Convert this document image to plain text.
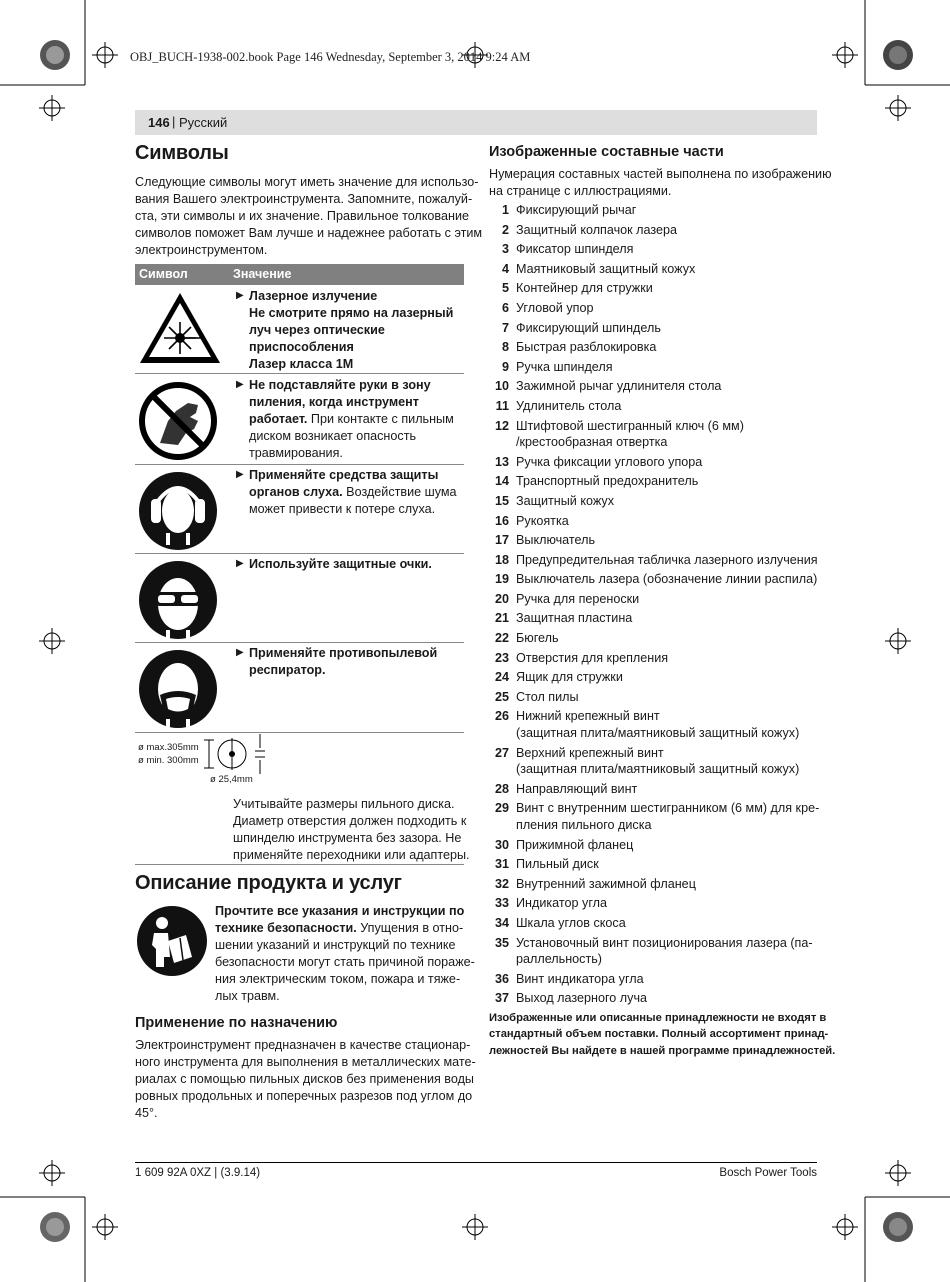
OBJ_BUCH-1938-002.book Page 146 Wednesday, September 3, 2014 9:24 AM
146 | Русский
Символы
Следующие символы могут иметь значение для использо-
вания Вашего электроинструмента. Запомните, пожалуй-
ста, эти символы и их значение. Правильное толкование
символов поможет Вам лучше и надежнее работать с этим
электроинструментом.
Символ	Значение
▶ Лазерное излучение
Не смотрите прямо на лазерный
луч через оптические
приспособления
Лазер класса 1M
▶ Не подставляйте руки в зону
пиления, когда инструмент
работает. При контакте с пильным
диском возникает опасность
травмирования.
▶ Применяйте средства защиты
органов слуха. Воздействие шума
может привести к потере слуха.
▶ Используйте защитные очки.
▶ Применяйте противопылевой
респиратор.
ø max.305mm
ø min. 300mm
ø 25,4mm
Учитывайте размеры пильного диска.
Диаметр отверстия должен подходить к
шпинделю инструмента без зазора. Не
применяйте переходники или адаптеры.
Описание продукта и услуг
Прочтите все указания и инструкции по
технике безопасности. Упущения в отно-
шении указаний и инструкций по технике
безопасности могут стать причиной пораже-
ния электрическим током, пожара и тяже-
лых травм.
Применение по назначению
Электроинструмент предназначен в качестве стационар-
ного инструмента для выполнения в металлических мате-
риалах с помощью пильных дисков без применения воды
ровных продольных и поперечных разрезов под углом до
45°.
Изображенные составные части
Нумерация составных частей выполнена по изображению
на странице с иллюстрациями.
1 Фиксирующий рычаг
2 Защитный колпачок лазера
3 Фиксатор шпинделя
4 Маятниковый защитный кожух
5 Контейнер для стружки
6 Угловой упор
7 Фиксирующий шпиндель
8 Быстрая разблокировка
9 Ручка шпинделя
10 Зажимной рычаг удлинителя стола
11 Удлинитель стола
12 Штифтовой шестигранный ключ (6 мм)
/крестообразная отвертка
13 Ручка фиксации углового упора
14 Транспортный предохранитель
15 Защитный кожух
16 Рукоятка
17 Выключатель
18 Предупредительная табличка лазерного излучения
19 Выключатель лазера (обозначение линии распила)
20 Ручка для переноски
21 Защитная пластина
22 Бюгель
23 Отверстия для крепления
24 Ящик для стружки
25 Стол пилы
26 Нижний крепежный винт
(защитная плита/маятниковый защитный кожух)
27 Верхний крепежный винт
(защитная плита/маятниковый защитный кожух)
28 Направляющий винт
29 Винт с внутренним шестигранником (6 мм) для кре-
пления пильного диска
30 Прижимной фланец
31 Пильный диск
32 Внутренний зажимной фланец
33 Индикатор угла
34 Шкала углов скоса
35 Установочный винт позиционирования лазера (па-
раллельность)
36 Винт индикатора угла
37 Выход лазерного луча
Изображенные или описанные принадлежности не входят в
стандартный объем поставки. Полный ассортимент принад-
лежностей Вы найдете в нашей программе принадлежностей.
1 609 92A 0XZ | (3.9.14)	Bosch Power Tools
